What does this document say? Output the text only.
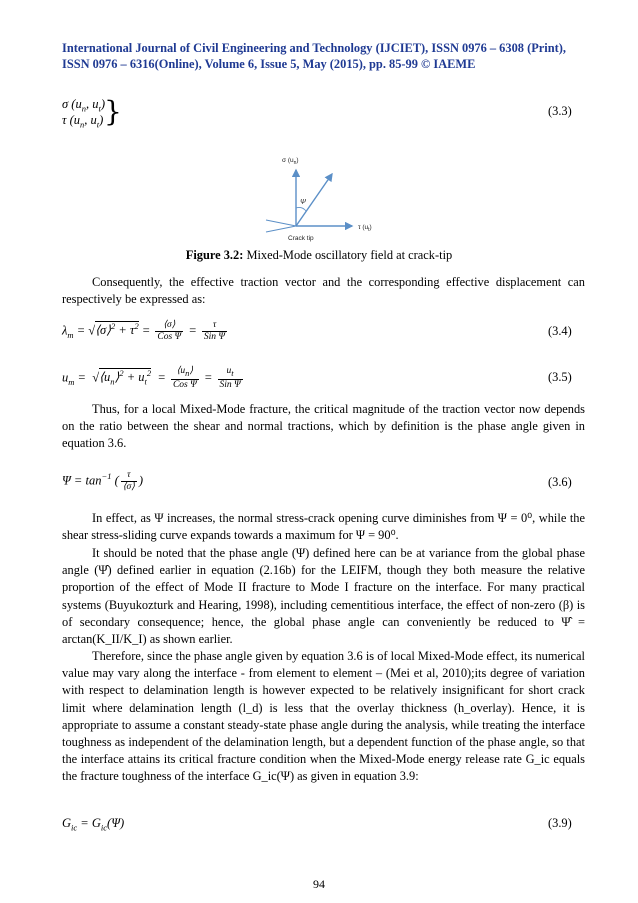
International Journal of Civil Engineering and Technology (IJCIET), ISSN 0976 – 6308 (Print),
ISSN 0976 – 6316(Online), Volume 6, Issue 5, May (2015), pp. 85-99 © IAEME
σ ($u_n$, $u_t$)
τ ($u_n$, $u_t$) }	(3.3)
σ $(u_n)$
τ $(u_t)$
Ψ
Crack tip
Figure 3.2: Mixed-Mode oscillatory field at crack-tip
Consequently, the effective traction vector and the corresponding effective displacement can respectively be expressed as:
$\lambda_m$ = √⟨σ⟩$^2$ + $\tau^2 = \frac{⟨\sigma⟩}{\text{Cos Ψ}} = \frac{\tau}{\text{Sin Ψ}}$	(3.4)
$u_m$ =  $√⟨u_n⟩^2 + u_t^2 = \frac{⟨u_n⟩}{\text{Cos Ψ}} = \frac{u_t}{\text{Sin Ψ}}$	(3.5)
Thus, for a local Mixed-Mode fracture, the critical magnitude of the traction vector now depends on the ratio between the shear and normal tractions, which by definition is the phase angle given in equation 3.6.
$\Psi = \tan^{-1}$ ( $\frac{\tau}{⟨\sigma⟩}$ )	(3.6)
In effect, as Ψ increases, the normal stress-crack opening curve diminishes from Ψ = 0⁰, while the shear stress-sliding curve expands towards a maximum for Ψ = 90⁰.
It should be noted that the phase angle (Ψ) defined here can be at variance from the global phase angle (Ψ̂) defined earlier in equation (2.16b) for the LEIFM, though they both measure the relative proportion of the effect of Mode II fracture to Mode I fracture on the interface. For many practical systems (Buyukozturk and Hearing, 1998), including cementitious interface, the effect of non-zero (β) is of secondary consequence; hence, the global phase angle can conveniently be reduced to Ψ̂ = arctan(K_II/K_I) as shown earlier.
Therefore, since the phase angle given by equation 3.6 is of local Mixed-Mode effect, its numerical value may vary along the interface - from element to element – (Mei et al, 2010);its degree of variation with respect to delamination length is however expected to be relatively insignificant for short crack limit where delamination length (l_d) is less that the overlay thickness (h_overlay). Hence, it is appropriate to assume a constant steady-state phase angle during the analysis, while treating the interface toughness as independent of the delamination length, but a dependent function of the phase angle, so that the interface attains its critical fracture condition when the Mixed-Mode energy release rate G_ic equals the fracture toughness of the interface G_ic(Ψ) as given in equation 3.9:
$G_{ic} = G_{ic}(\Psi)$	(3.9)
94
